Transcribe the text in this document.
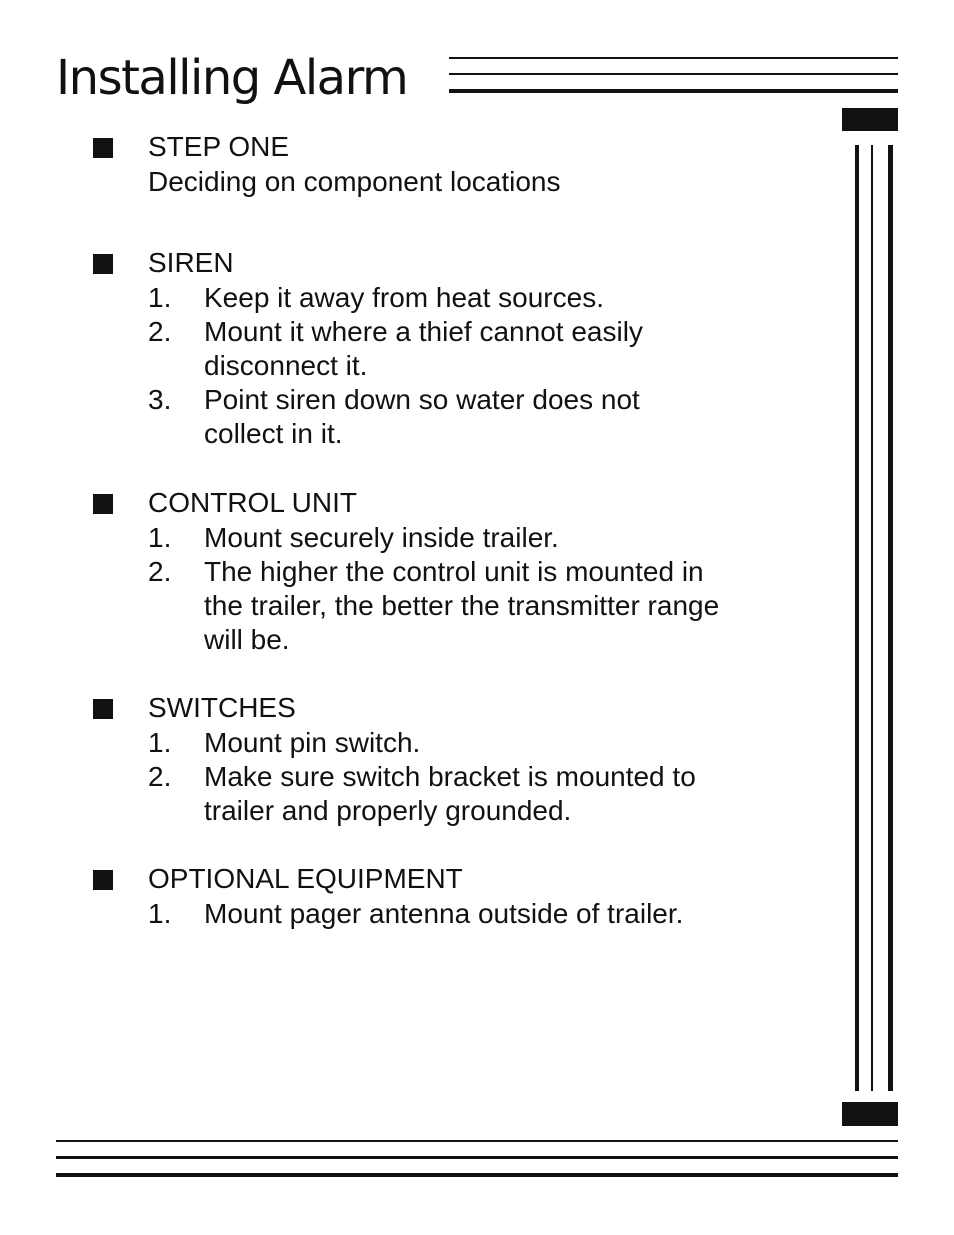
Installing Alarm

STEP ONE

Deciding on component locations

SIREN

1. Keep it away from heat sources.
2. Mount it where a thief cannot easily disconnect it.
3. Point siren down so water does not collect in it.

CONTROL UNIT

1. Mount securely inside trailer.
2. The higher the control unit is mounted in the trailer, the better the transmitter range will be.

SWITCHES

1. Mount pin switch.
2. Make sure switch bracket is mounted to trailer and properly grounded.

OPTIONAL EQUIPMENT

1. Mount pager antenna outside of trailer.
